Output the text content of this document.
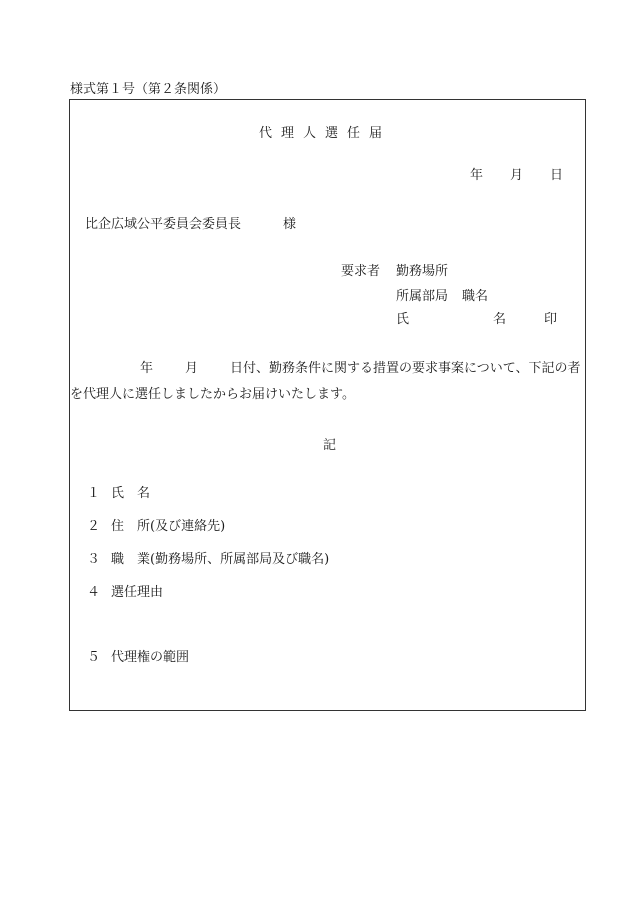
様式第１号（第２条関係）
代理人選任届
年 月 日
比企広域公平委員会委員長	様
要求者 勤務場所
所属部局 職名
氏	名	印
年 月 日付、勤務条件に関する措置の要求事案について、下記の者
を代理人に選任しましたからお届けいたします。
記
１ 氏　名
２ 住　所(及び連絡先)
３ 職　業(勤務場所、所属部局及び職名)
４ 選任理由
５ 代理権の範囲
